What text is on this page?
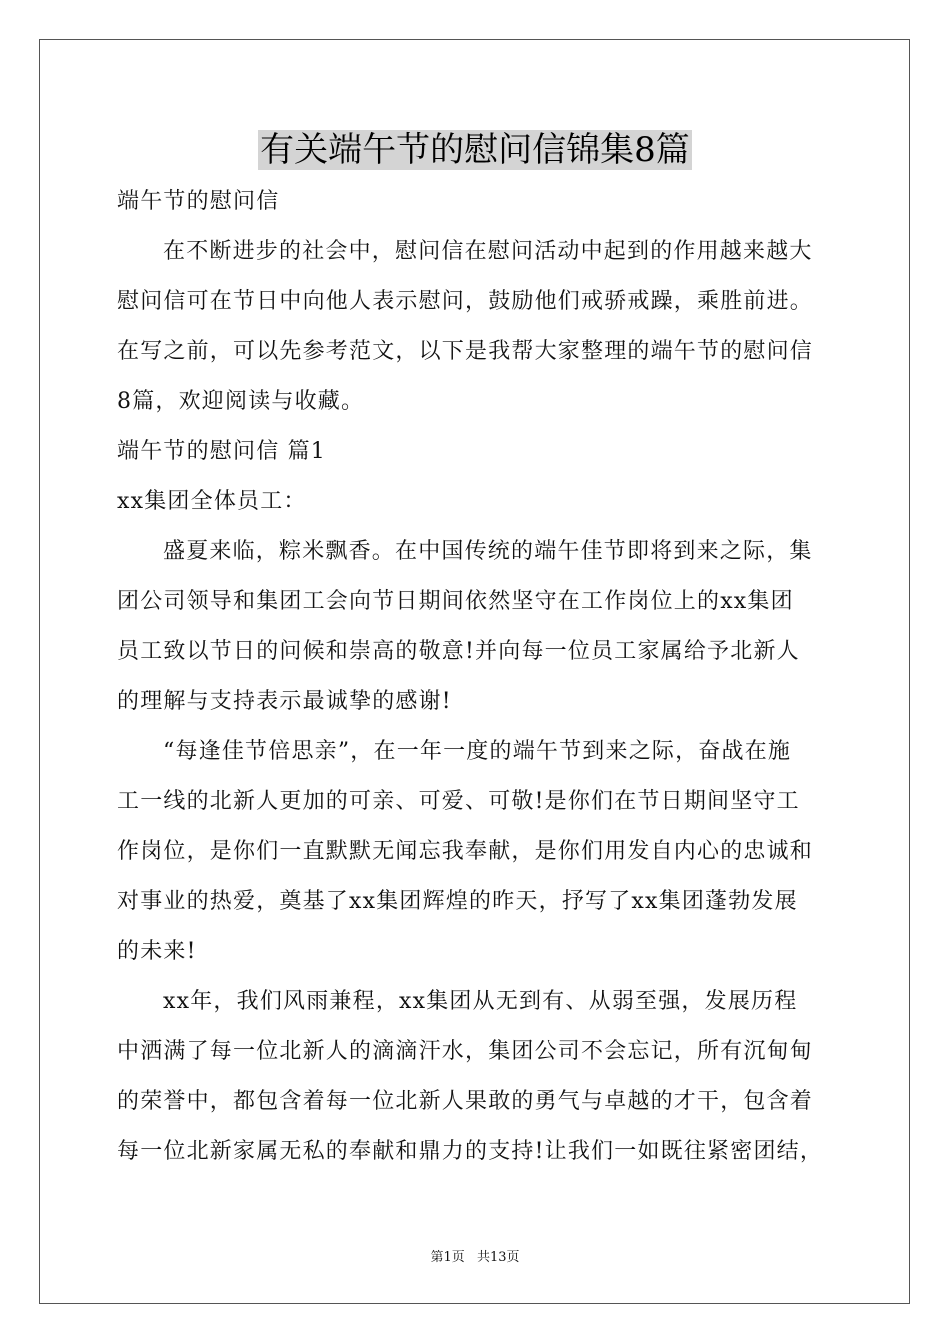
有关端午节的慰问信锦集8篇
端午节的慰问信
在不断进步的社会中，慰问信在慰问活动中起到的作用越来越大
慰问信可在节日中向他人表示慰问，鼓励他们戒骄戒躁，乘胜前进。
在写之前，可以先参考范文，以下是我帮大家整理的端午节的慰问信
8篇，欢迎阅读与收藏。
端午节的慰问信 篇1
xx集团全体员工：
盛夏来临，粽米飘香。在中国传统的端午佳节即将到来之际，集
团公司领导和集团工会向节日期间依然坚守在工作岗位上的xx集团
员工致以节日的问候和崇高的敬意!并向每一位员工家属给予北新人
的理解与支持表示最诚挚的感谢!
“每逢佳节倍思亲”，在一年一度的端午节到来之际，奋战在施
工一线的北新人更加的可亲、可爱、可敬!是你们在节日期间坚守工
作岗位，是你们一直默默无闻忘我奉献，是你们用发自内心的忠诚和
对事业的热爱，奠基了xx集团辉煌的昨天，抒写了xx集团蓬勃发展
的未来!
xx年，我们风雨兼程，xx集团从无到有、从弱至强，发展历程
中洒满了每一位北新人的滴滴汗水，集团公司不会忘记，所有沉甸甸
的荣誉中，都包含着每一位北新人果敢的勇气与卓越的才干，包含着
每一位北新家属无私的奉献和鼎力的支持!让我们一如既往紧密团结，
第1页 共13页
